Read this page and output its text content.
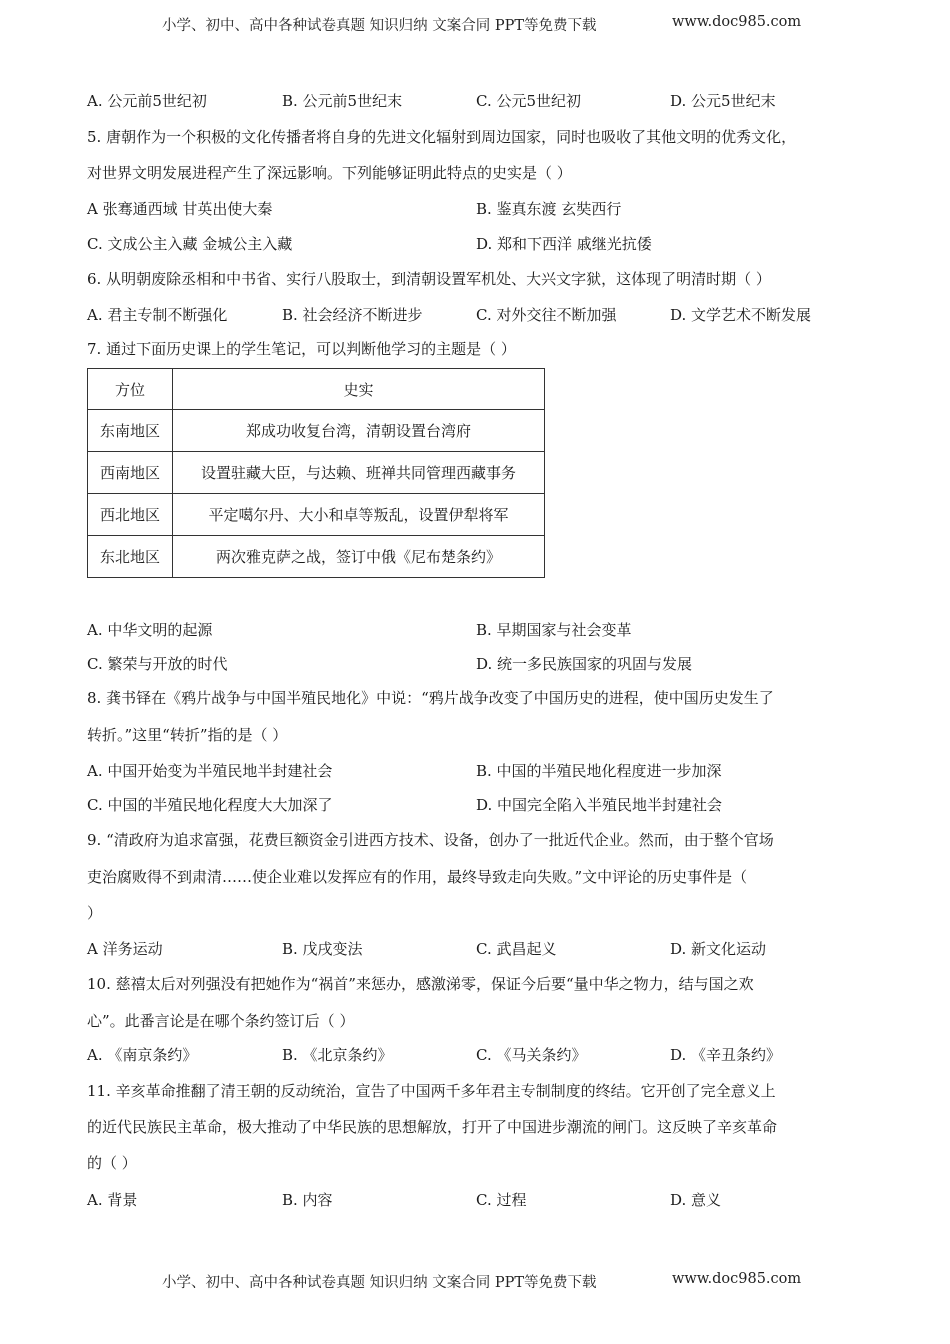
小学、初中、高中各种试卷真题 知识归纳 文案合同 PPT等免费下载	www.doc985.com
A. 公元前5世纪初	B. 公元前5世纪末	C. 公元5世纪初	D. 公元5世纪末
5. 唐朝作为一个积极的文化传播者将自身的先进文化辐射到周边国家，同时也吸收了其他文明的优秀文化，
对世界文明发展进程产生了深远影响。下列能够证明此特点的史实是（ ）
A 张骞通西域 甘英出使大秦	B. 鉴真东渡 玄奘西行
C. 文成公主入藏 金城公主入藏	D. 郑和下西洋 戚继光抗倭
6. 从明朝废除丞相和中书省、实行八股取士，到清朝设置军机处、大兴文字狱，这体现了明清时期（ ）
A. 君主专制不断强化	B. 社会经济不断进步	C. 对外交往不断加强	D. 文学艺术不断发展
7. 通过下面历史课上的学生笔记，可以判断他学习的主题是（ ）
方位	史实
东南地区	郑成功收复台湾，清朝设置台湾府
西南地区	设置驻藏大臣，与达赖、班禅共同管理西藏事务
西北地区	平定噶尔丹、大小和卓等叛乱，设置伊犁将军
东北地区	两次雅克萨之战，签订中俄《尼布楚条约》
A. 中华文明的起源	B. 早期国家与社会变革
C. 繁荣与开放的时代	D. 统一多民族国家的巩固与发展
8. 龚书铎在《鸦片战争与中国半殖民地化》中说：“鸦片战争改变了中国历史的进程，使中国历史发生了
转折。”这里“转折”指的是（ ）
A. 中国开始变为半殖民地半封建社会	B. 中国的半殖民地化程度进一步加深
C. 中国的半殖民地化程度大大加深了	D. 中国完全陷入半殖民地半封建社会
9. “清政府为追求富强，花费巨额资金引进西方技术、设备，创办了一批近代企业。然而，由于整个官场
吏治腐败得不到肃清……使企业难以发挥应有的作用，最终导致走向失败。”文中评论的历史事件是（
）
A 洋务运动	B. 戊戌变法	C. 武昌起义	D. 新文化运动
10. 慈禧太后对列强没有把她作为“祸首”来惩办，感激涕零，保证今后要“量中华之物力，结与国之欢
心”。此番言论是在哪个条约签订后（ ）
A. 《南京条约》	B. 《北京条约》	C. 《马关条约》	D. 《辛丑条约》
11. 辛亥革命推翻了清王朝的反动统治，宣告了中国两千多年君主专制制度的终结。它开创了完全意义上
的近代民族民主革命，极大推动了中华民族的思想解放，打开了中国进步潮流的闸门。这反映了辛亥革命
的（ ）
A. 背景	B. 内容	C. 过程	D. 意义
小学、初中、高中各种试卷真题 知识归纳 文案合同 PPT等免费下载	www.doc985.com
